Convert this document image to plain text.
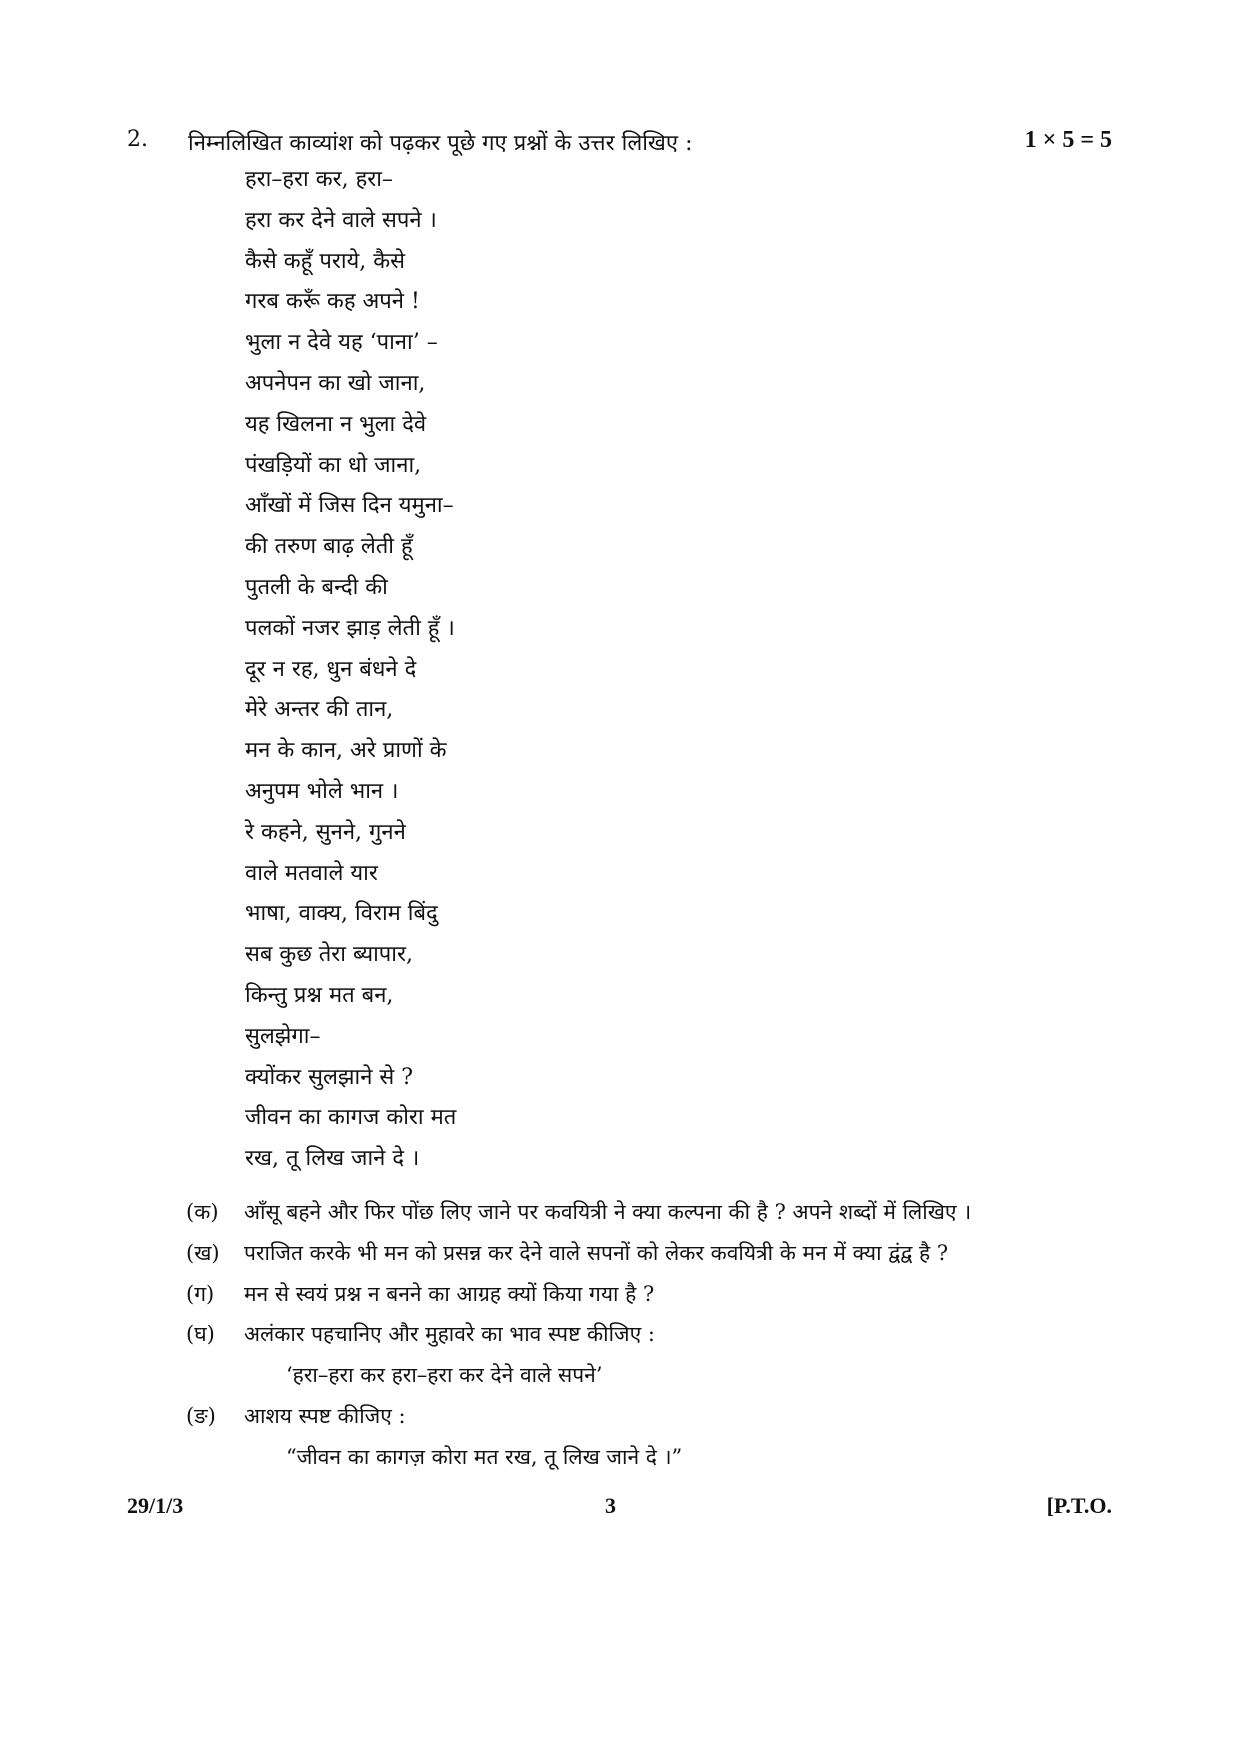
2. निम्नलिखित काव्यांश को पढ़कर पूछे गए प्रश्नों के उत्तर लिखिए :	1 × 5 = 5
हरा–हरा कर, हरा–
हरा कर देने वाले सपने ।
कैसे कहूँ पराये, कैसे
गरब करूँ कह अपने !
भुला न देवे यह ‘पाना’ –
अपनेपन का खो जाना,
यह खिलना न भुला देवे
पंखड़ियों का धो जाना,
आँखों में जिस दिन यमुना–
की तरुण बाढ़ लेती हूँ
पुतली के बन्दी की
पलकों नजर झाड़ लेती हूँ ।
दूर न रह, धुन बंधने दे
मेरे अन्तर की तान,
मन के कान, अरे प्राणों के
अनुपम भोले भान ।
रे कहने, सुनने, गुनने
वाले मतवाले यार
भाषा, वाक्य, विराम बिंदु
सब कुछ तेरा ब्यापार,
किन्तु प्रश्न मत बन,
सुलझेगा–
क्योंकर सुलझाने से ?
जीवन का कागज कोरा मत
रख, तू लिख जाने दे ।
(क) आँसू बहने और फिर पोंछ लिए जाने पर कवयित्री ने क्या कल्पना की है ? अपने शब्दों में लिखिए ।
(ख) पराजित करके भी मन को प्रसन्न कर देने वाले सपनों को लेकर कवयित्री के मन में क्या द्वंद्व है ?
(ग) मन से स्वयं प्रश्न न बनने का आग्रह क्यों किया गया है ?
(घ) अलंकार पहचानिए और मुहावरे का भाव स्पष्ट कीजिए :
‘हरा–हरा कर हरा–हरा कर देने वाले सपने’
(ङ) आशय स्पष्ट कीजिए :
“जीवन का कागज़ कोरा मत रख, तू लिख जाने दे ।”
29/1/3	3	[P.T.O.
